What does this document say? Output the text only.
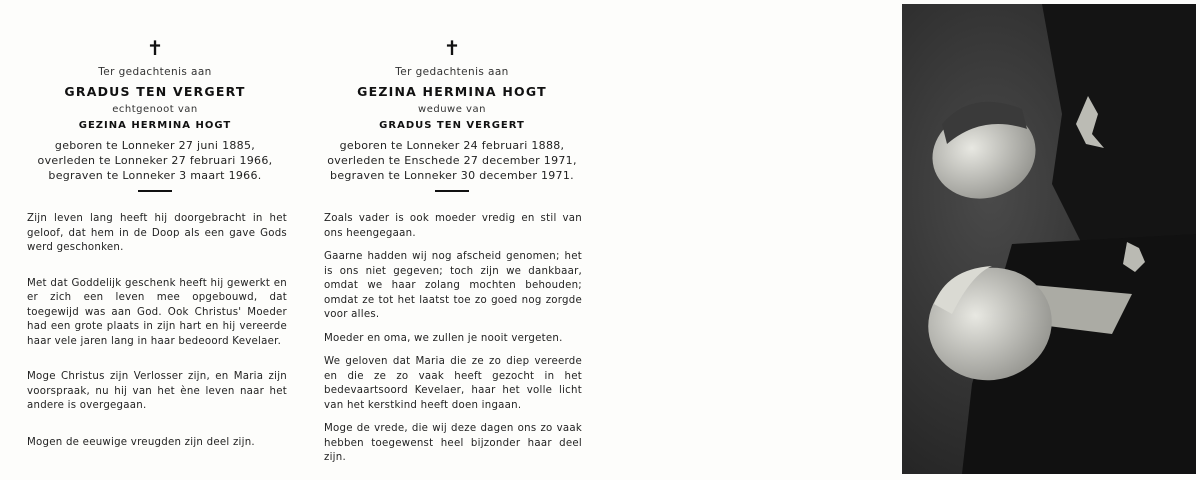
✝
Ter gedachtenis aan
GRADUS TEN VERGERT
echtgenoot van
GEZINA HERMINA HOGT
geboren te Lonneker 27 juni 1885,
overleden te Lonneker 27 februari 1966,
begraven te Lonneker 3 maart 1966.

Zijn leven lang heeft hij doorgebracht in het geloof, dat hem in de Doop als een gave Gods werd geschonken.

Met dat Goddelijk geschenk heeft hij gewerkt en er zich een leven mee opgebouwd, dat toegewijd was aan God. Ook Christus' Moeder had een grote plaats in zijn hart en hij vereerde haar vele jaren lang in haar bedeoord Kevelaer.

Moge Christus zijn Verlosser zijn, en Maria zijn voorspraak, nu hij van het ène leven naar het andere is overgegaan.

Mogen de eeuwige vreugden zijn deel zijn.

✝
Ter gedachtenis aan
GEZINA HERMINA HOGT
weduwe van
GRADUS TEN VERGERT
geboren te Lonneker 24 februari 1888,
overleden te Enschede 27 december 1971,
begraven te Lonneker 30 december 1971.

Zoals vader is ook moeder vredig en stil van ons heengegaan.

Gaarne hadden wij nog afscheid genomen; het is ons niet gegeven; toch zijn we dankbaar, omdat we haar zolang mochten behouden; omdat ze tot het laatst toe zo goed nog zorgde voor alles.

Moeder en oma, we zullen je nooit vergeten.

We geloven dat Maria die ze zo diep vereerde en die ze zo vaak heeft gezocht in het bedevaartsoord Kevelaer, haar het volle licht van het kerstkind heeft doen ingaan.

Moge de vrede, die wij deze dagen ons zo vaak hebben toegewenst heel bijzonder haar deel zijn.
